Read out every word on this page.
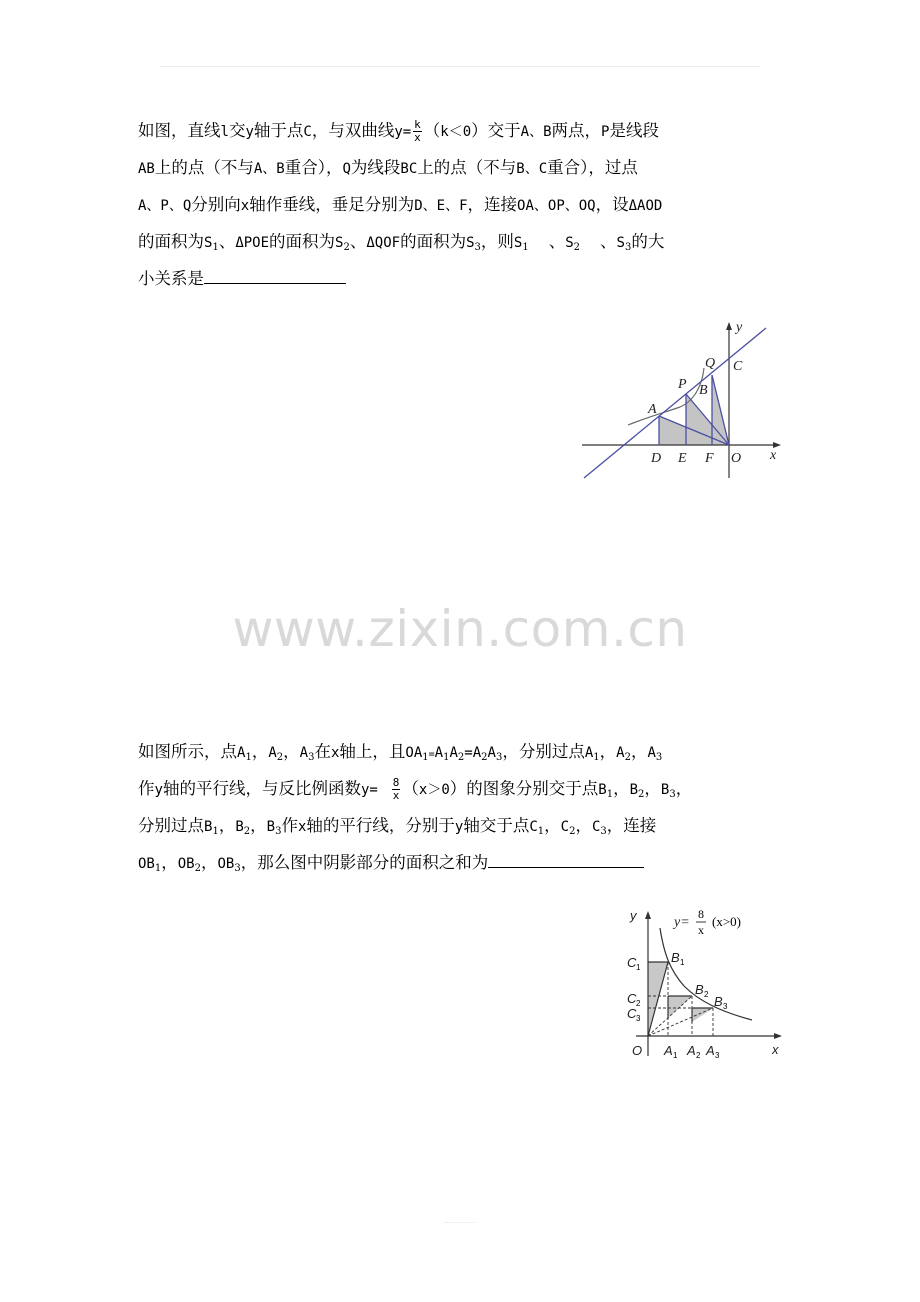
如图，直线l交y轴于点C，与双曲线$y= \frac{k}{x} (k<0)$交于A、B两点，P是线段
AB上的点（不与A、B重合），Q为线段BC上的点（不与B、C重合），过点
A、P、Q分别向x轴作垂线，垂足分别为D、E、F，连接OA、OP、OQ，设ΔAOD
的面积为$S_1$、ΔPOE的面积为$S_2$、ΔQOF的面积为$S_3$，则$S_1$ 、$S_2$ 、$S_3$的大
小关系是
y
x
Q C
P B
A
D E F O
www.zixin.com.cn
如图所示，点$A_1$，$A_2$，$A_3$在x轴上，且$OA_1=A_1A_2=A_2A_3$，分别过点$A_1$，$A_2$，$A_3$
作y轴的平行线，与反比例函数$y= \frac{8}{x} (x>0)$的图象分别交于点$B_1$，$B_2$，$B_3$，
分别过点$B_1$，$B_2$，$B_3$作x轴的平行线，分别于y轴交于点$C_1$，$C_2$，$C_3$，连接
$OB_1$，$OB_2$，$OB_3$，那么图中阴影部分的面积之和为
y=
8
x
(x>0)
y
x
O
C 1
C 2
C 3
B 1
B 2 B 3
A 1 A 2 A 3
